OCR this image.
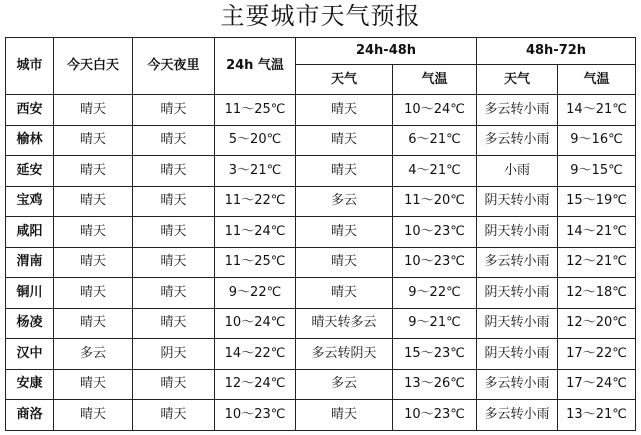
主要城市天气预报
城市	今天白天	今天夜里	24h 气温	24h-48h		48h-72h	
				天气	气温	天气	气温
西安	晴天	晴天	11～25℃	晴天	10～24℃	多云转小雨	14～21℃
榆林	晴天	晴天	5～20℃	晴天	6～21℃	多云转小雨	9～16℃
延安	晴天	晴天	3～21℃	晴天	4～21℃	小雨	9～15℃
宝鸡	晴天	晴天	11～22℃	多云	11～20℃	阴天转小雨	15～19℃
咸阳	晴天	晴天	11～24℃	晴天	10～23℃	阴天转小雨	14～21℃
渭南	晴天	晴天	11～25℃	晴天	10～23℃	多云转小雨	12～21℃
铜川	晴天	晴天	9～22℃	晴天	9～22℃	阴天转小雨	12～18℃
杨凌	晴天	晴天	10～24℃	晴天转多云	9～21℃	阴天转小雨	12～20℃
汉中	多云	阴天	14～22℃	多云转阴天	15～23℃	阴天转小雨	17～22℃
安康	晴天	晴天	12～24℃	多云	13～26℃	多云转小雨	17～24℃
商洛	晴天	晴天	10～23℃	晴天	10～23℃	多云转小雨	13～21℃
